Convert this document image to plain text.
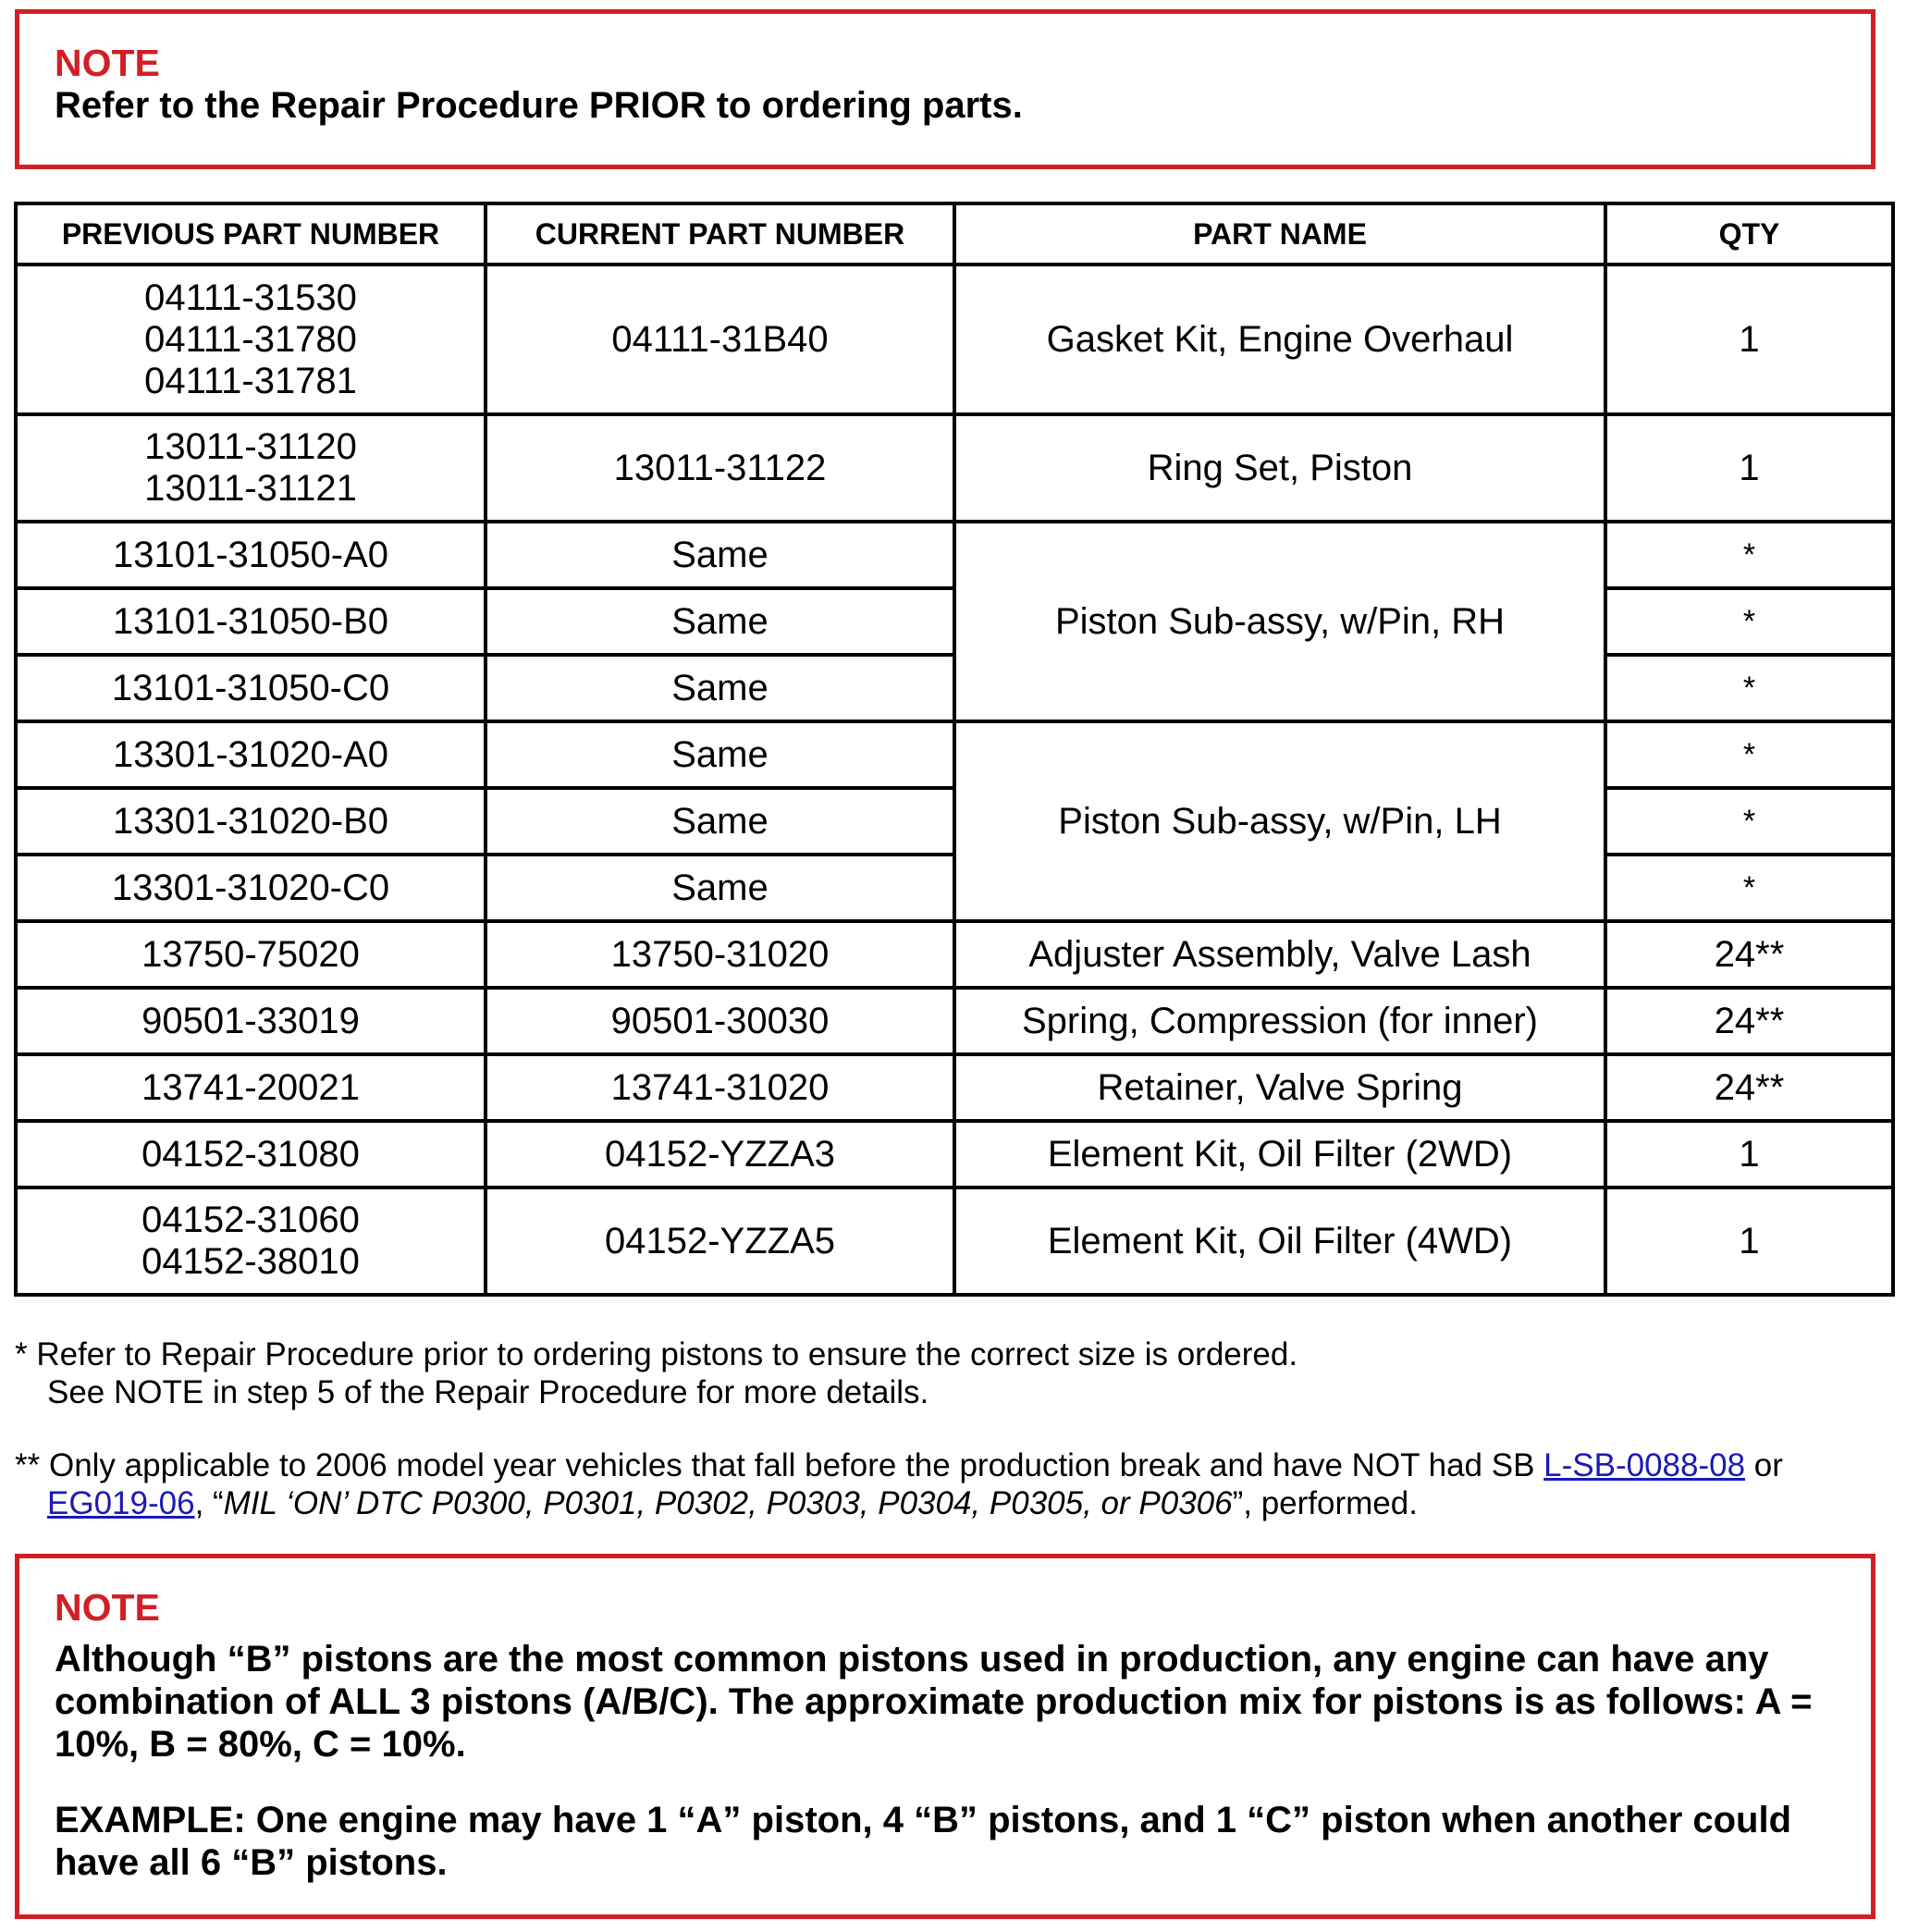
NOTE
Refer to the Repair Procedure PRIOR to ordering parts.
PREVIOUS PART NUMBER	CURRENT PART NUMBER	PART NAME	QTY

04111-31530
04111-31780
04111-31781	04111-31B40	Gasket Kit, Engine Overhaul	1

13011-31120
13011-31121	13011-31122	Ring Set, Piston	1
13101-31050-A0	Same	Piston Sub-assy, w/Pin, RH	*
13101-31050-B0	Same		*
13101-31050-C0	Same		*
13301-31020-A0	Same	Piston Sub-assy, w/Pin, LH	*
13301-31020-B0	Same		*
13301-31020-C0	Same		*
13750-75020	13750-31020	Adjuster Assembly, Valve Lash	24**
90501-33019	90501-30030	Spring, Compression (for inner)	24**
13741-20021	13741-31020	Retainer, Valve Spring	24**
04152-31080	04152-YZZA3	Element Kit, Oil Filter (2WD)	1

04152-31060
04152-38010	04152-YZZA5	Element Kit, Oil Filter (4WD)	1
* Refer to Repair Procedure prior to ordering pistons to ensure the correct size is ordered.
See NOTE in step 5 of the Repair Procedure for more details.
** Only applicable to 2006 model year vehicles that fall before the production break and have NOT had SB L-SB-0088-08 or
EG019-06, “MIL ‘ON’ DTC P0300, P0301, P0302, P0303, P0304, P0305, or P0306”, performed.
NOTE
Although “B” pistons are the most common pistons used in production, any engine can have any combination of ALL 3 pistons (A/B/C). The approximate production mix for pistons is as follows: A = 10%, B = 80%, C = 10%.
EXAMPLE: One engine may have 1 “A” piston, 4 “B” pistons, and 1 “C” piston when another could have all 6 “B” pistons.
